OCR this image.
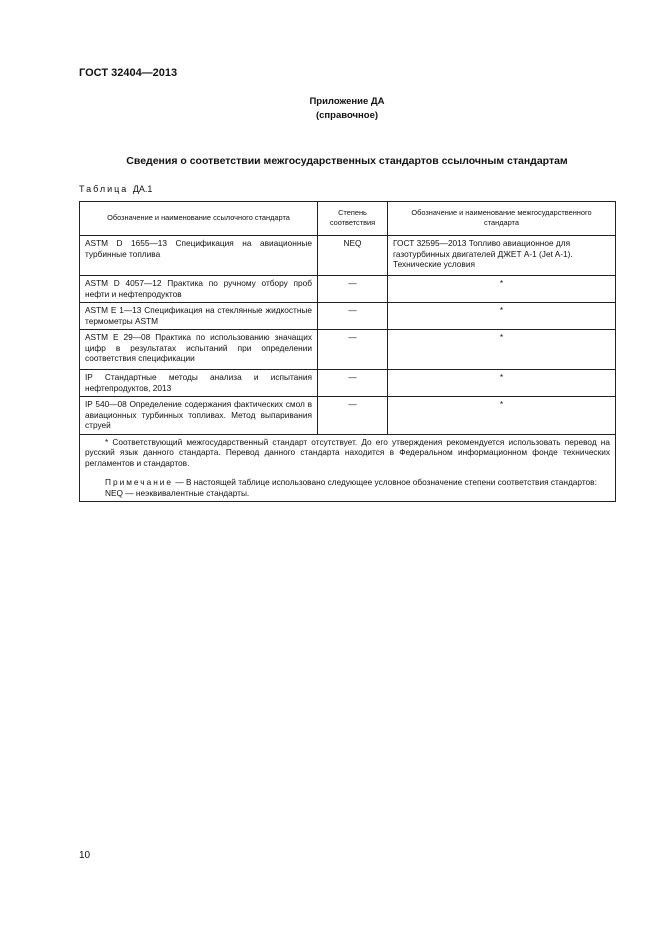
ГОСТ 32404—2013
Приложение ДА
(справочное)
Сведения о соответствии межгосударственных стандартов ссылочным стандартам
Таблица ДА.1
Обозначение и наименование ссылочного стандарта	Степень соответствия	Обозначение и наименование межгосударственного стандарта
ASTM D 1655—13 Спецификация на авиационные турбинные топлива	NEQ	ГОСТ 32595—2013 Топливо авиационное для газотурбинных двигателей ДЖЕТ А-1 (Jet A-1). Технические условия
ASTM D 4057—12 Практика по ручному отбору проб нефти и нефтепродуктов	—	*
ASTM E 1—13 Спецификация на стеклянные жидкостные термометры ASTM	—	*
ASTM E 29—08 Практика по использованию значащих цифр в результатах испытаний при определении соответствия спецификации	—	*
IP Стандартные методы анализа и испытания нефтепродуктов, 2013	—	*
IP 540—08 Определение содержания фактических смол в авиационных турбинных топливах. Метод выпаривания струей	—	*

* Соответствующий межгосударственный стандарт отсутствует. До его утверждения рекомендуется использовать перевод на русский язык данного стандарта. Перевод данного стандарта находится в Федеральном информационном фонде технических регламентов и стандартов.

Примечание — В настоящей таблице использовано следующее условное обозначение степени соответствия стандартов:

NEQ — неэквивалентные стандарты.		

10
